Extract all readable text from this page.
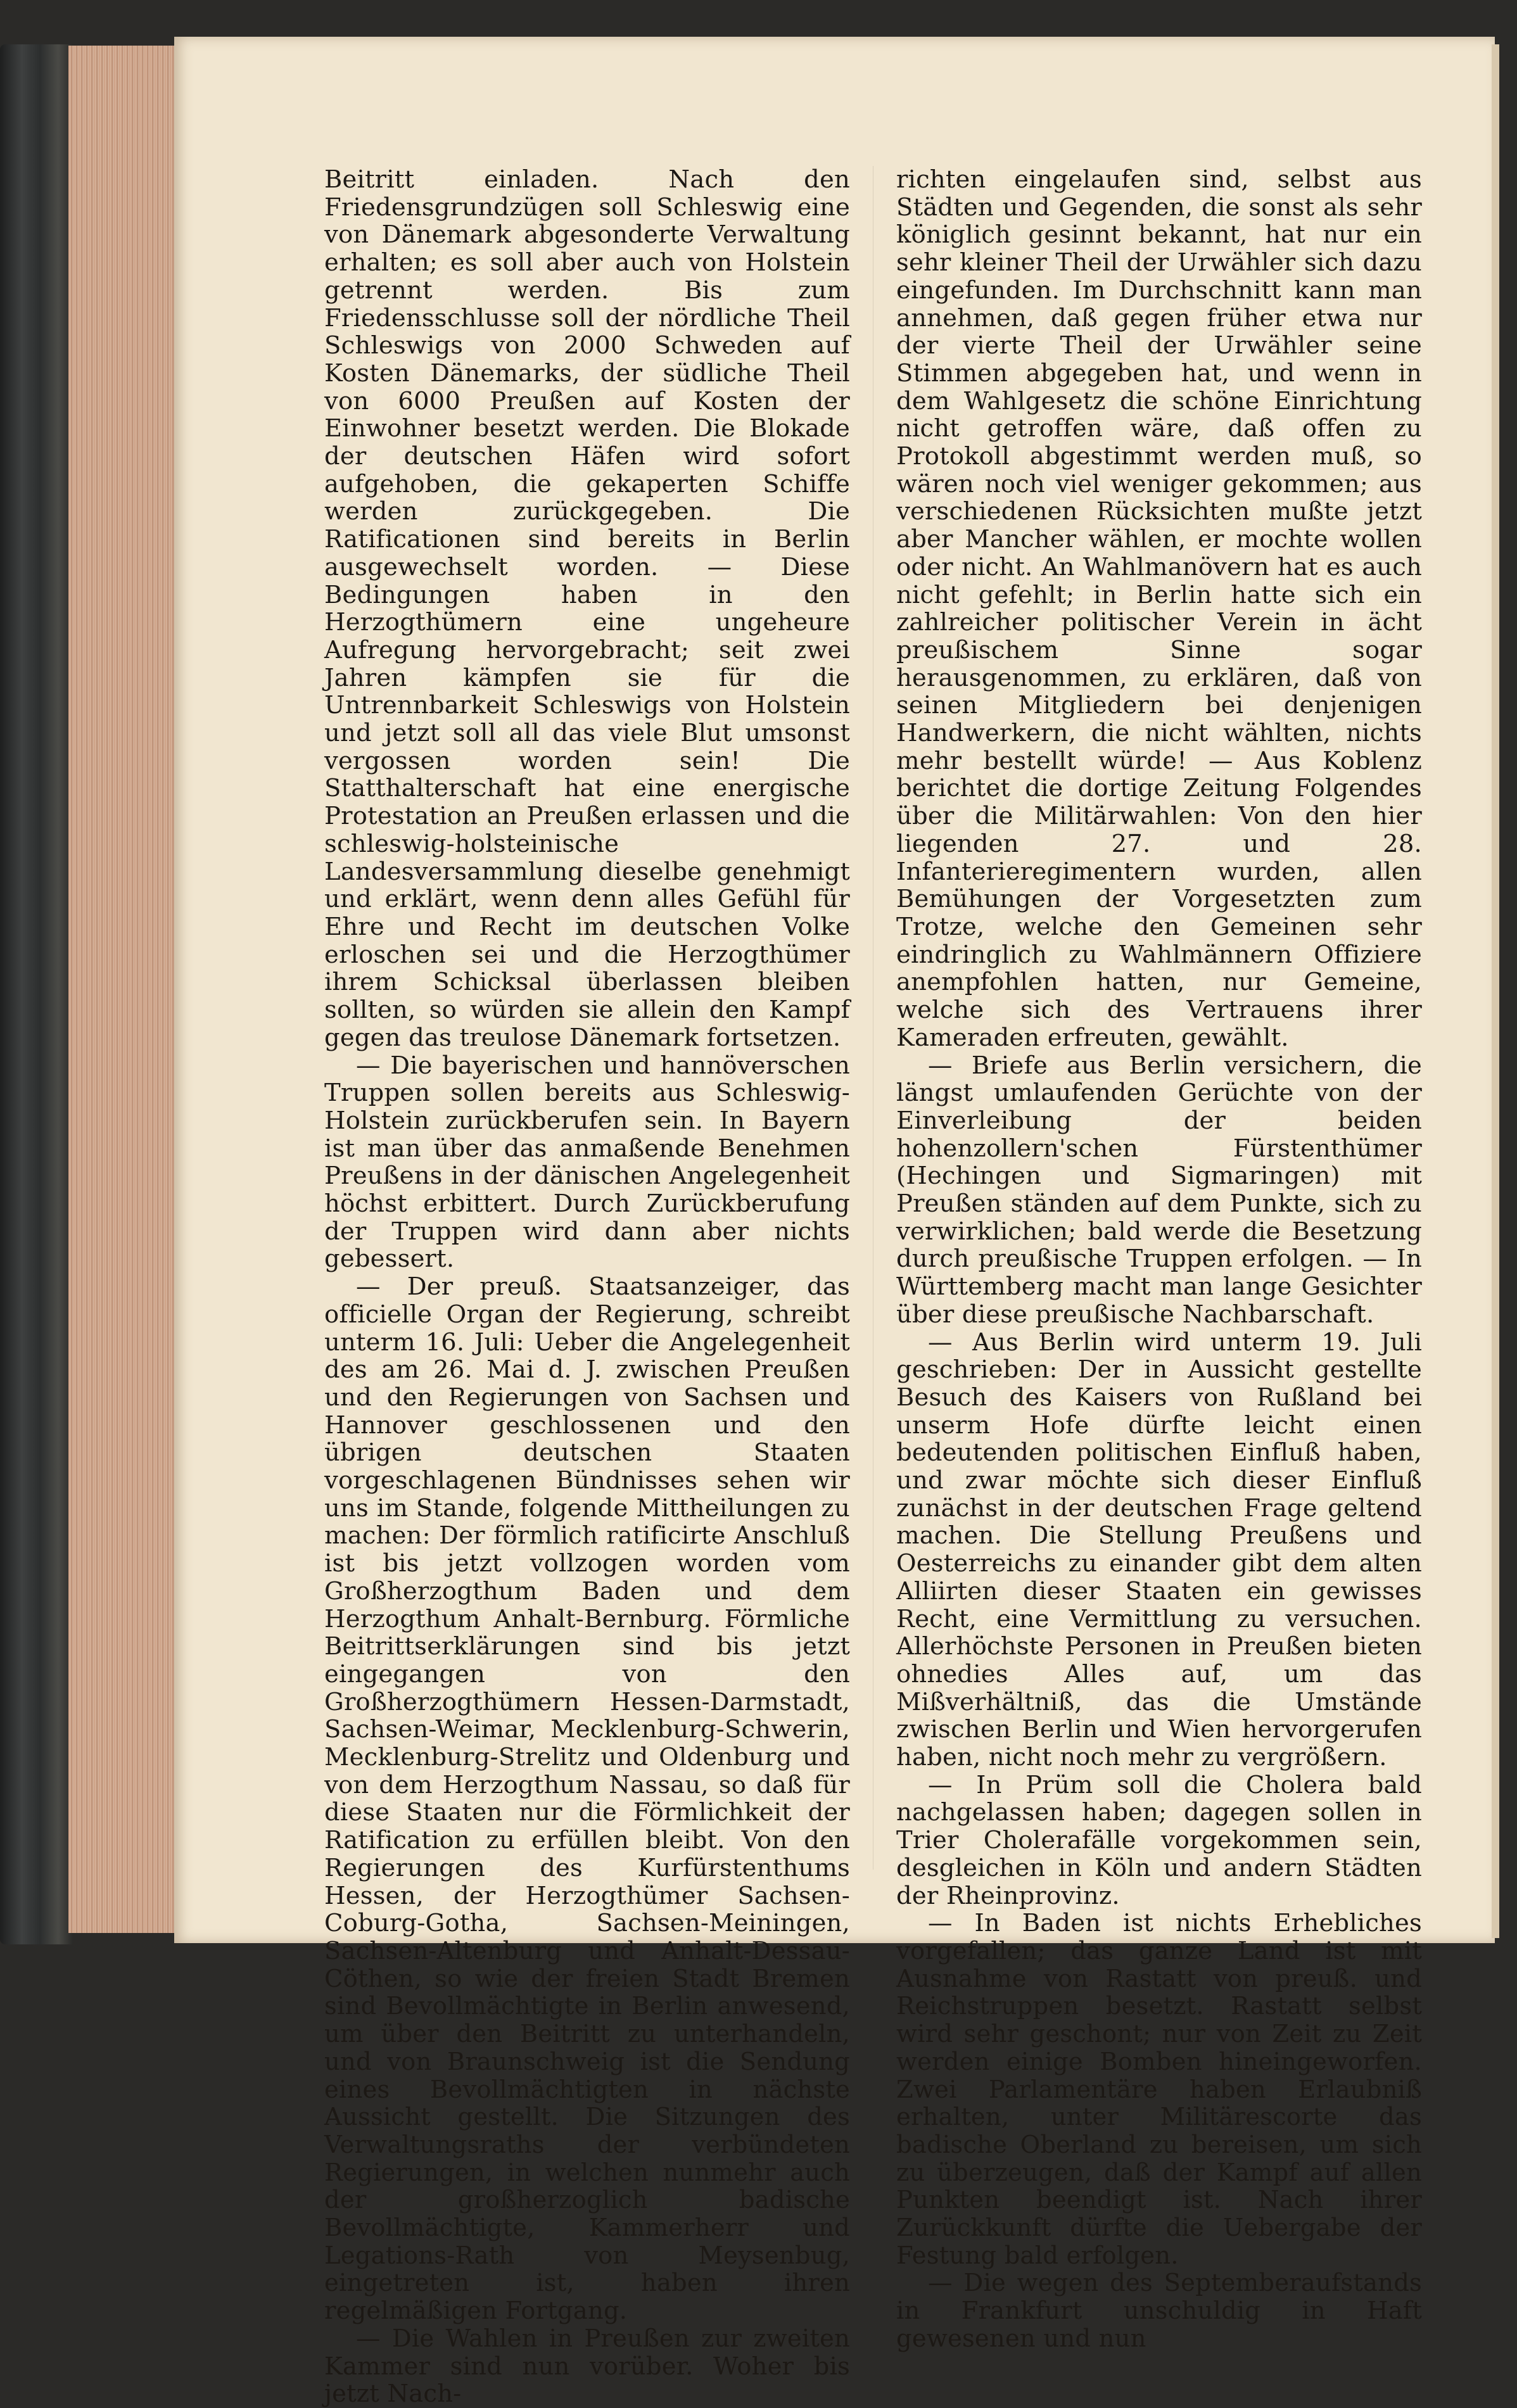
Beitritt einladen. Nach den Friedensgrundzügen soll Schleswig eine von Dänemark abgesonderte Verwaltung erhalten; es soll aber auch von Holstein getrennt werden. Bis zum Friedensschlusse soll der nördliche Theil Schleswigs von 2000 Schweden auf Kosten Dänemarks, der südliche Theil von 6000 Preußen auf Kosten der Einwohner besetzt werden. Die Blokade der deutschen Häfen wird sofort aufgehoben, die gekaperten Schiffe werden zurückgegeben. Die Ratificationen sind bereits in Berlin ausgewechselt worden. — Diese Bedingungen haben in den Herzogthümern eine ungeheure Aufregung hervorgebracht; seit zwei Jahren kämpfen sie für die Untrennbarkeit Schleswigs von Holstein und jetzt soll all das viele Blut umsonst vergossen worden sein! Die Statthalterschaft hat eine energische Protestation an Preußen erlassen und die schleswig-holsteinische Landesversammlung dieselbe genehmigt und erklärt, wenn denn alles Gefühl für Ehre und Recht im deutschen Volke erloschen sei und die Herzogthümer ihrem Schicksal überlassen bleiben sollten, so würden sie allein den Kampf gegen das treulose Dänemark fortsetzen.

— Die bayerischen und hannöverschen Truppen sollen bereits aus Schleswig-Holstein zurückberufen sein. In Bayern ist man über das anmaßende Benehmen Preußens in der dänischen Angelegenheit höchst erbittert. Durch Zurückberufung der Truppen wird dann aber nichts gebessert.

— Der preuß. Staatsanzeiger, das officielle Organ der Regierung, schreibt unterm 16. Juli: Ueber die Angelegenheit des am 26. Mai d. J. zwischen Preußen und den Regierungen von Sachsen und Hannover geschlossenen und den übrigen deutschen Staaten vorgeschlagenen Bündnisses sehen wir uns im Stande, folgende Mittheilungen zu machen: Der förmlich ratificirte Anschluß ist bis jetzt vollzogen worden vom Großherzogthum Baden und dem Herzogthum Anhalt-Bernburg. Förmliche Beitrittserklärungen sind bis jetzt eingegangen von den Großherzogthümern Hessen-Darmstadt, Sachsen-Weimar, Mecklenburg-Schwerin, Mecklenburg-Strelitz und Oldenburg und von dem Herzogthum Nassau, so daß für diese Staaten nur die Förmlichkeit der Ratification zu erfüllen bleibt. Von den Regierungen des Kurfürstenthums Hessen, der Herzogthümer Sachsen-Coburg-Gotha, Sachsen-Meiningen, Sachsen-Altenburg und Anhalt-Dessau-Cöthen, so wie der freien Stadt Bremen sind Bevollmächtigte in Berlin anwesend, um über den Beitritt zu unterhandeln, und von Braunschweig ist die Sendung eines Bevollmächtigten in nächste Aussicht gestellt. Die Sitzungen des Verwaltungsraths der verbündeten Regierungen, in welchen nunmehr auch der großherzoglich badische Bevollmächtigte, Kammerherr und Legations-Rath von Meysenbug, eingetreten ist, haben ihren regelmäßigen Fortgang.

— Die Wahlen in Preußen zur zweiten Kammer sind nun vorüber. Woher bis jetzt Nach-

richten eingelaufen sind, selbst aus Städten und Gegenden, die sonst als sehr königlich gesinnt bekannt, hat nur ein sehr kleiner Theil der Urwähler sich dazu eingefunden. Im Durchschnitt kann man annehmen, daß gegen früher etwa nur der vierte Theil der Urwähler seine Stimmen abgegeben hat, und wenn in dem Wahlgesetz die schöne Einrichtung nicht getroffen wäre, daß offen zu Protokoll abgestimmt werden muß, so wären noch viel weniger gekommen; aus verschiedenen Rücksichten mußte jetzt aber Mancher wählen, er mochte wollen oder nicht. An Wahlmanövern hat es auch nicht gefehlt; in Berlin hatte sich ein zahlreicher politischer Verein in ächt preußischem Sinne sogar herausgenommen, zu erklären, daß von seinen Mitgliedern bei denjenigen Handwerkern, die nicht wählten, nichts mehr bestellt würde! — Aus Koblenz berichtet die dortige Zeitung Folgendes über die Militärwahlen: Von den hier liegenden 27. und 28. Infanterieregimentern wurden, allen Bemühungen der Vorgesetzten zum Trotze, welche den Gemeinen sehr eindringlich zu Wahlmännern Offiziere anempfohlen hatten, nur Gemeine, welche sich des Vertrauens ihrer Kameraden erfreuten, gewählt.

— Briefe aus Berlin versichern, die längst umlaufenden Gerüchte von der Einverleibung der beiden hohenzollern'schen Fürstenthümer (Hechingen und Sigmaringen) mit Preußen ständen auf dem Punkte, sich zu verwirklichen; bald werde die Besetzung durch preußische Truppen erfolgen. — In Württemberg macht man lange Gesichter über diese preußische Nachbarschaft.

— Aus Berlin wird unterm 19. Juli geschrieben: Der in Aussicht gestellte Besuch des Kaisers von Rußland bei unserm Hofe dürfte leicht einen bedeutenden politischen Einfluß haben, und zwar möchte sich dieser Einfluß zunächst in der deutschen Frage geltend machen. Die Stellung Preußens und Oesterreichs zu einander gibt dem alten Alliirten dieser Staaten ein gewisses Recht, eine Vermittlung zu versuchen. Allerhöchste Personen in Preußen bieten ohnedies Alles auf, um das Mißverhältniß, das die Umstände zwischen Berlin und Wien hervorgerufen haben, nicht noch mehr zu vergrößern.

— In Prüm soll die Cholera bald nachgelassen haben; dagegen sollen in Trier Cholerafälle vorgekommen sein, desgleichen in Köln und andern Städten der Rheinprovinz.

— In Baden ist nichts Erhebliches vorgefallen; das ganze Land ist mit Ausnahme von Rastatt von preuß. und Reichstruppen besetzt. Rastatt selbst wird sehr geschont; nur von Zeit zu Zeit werden einige Bomben hineingeworfen. Zwei Parlamentäre haben Erlaubniß erhalten, unter Militärescorte das badische Oberland zu bereisen, um sich zu überzeugen, daß der Kampf auf allen Punkten beendigt ist. Nach ihrer Zurückkunft dürfte die Uebergabe der Festung bald erfolgen.

— Die wegen des Septemberaufstands in Frankfurt unschuldig in Haft gewesenen und nun
